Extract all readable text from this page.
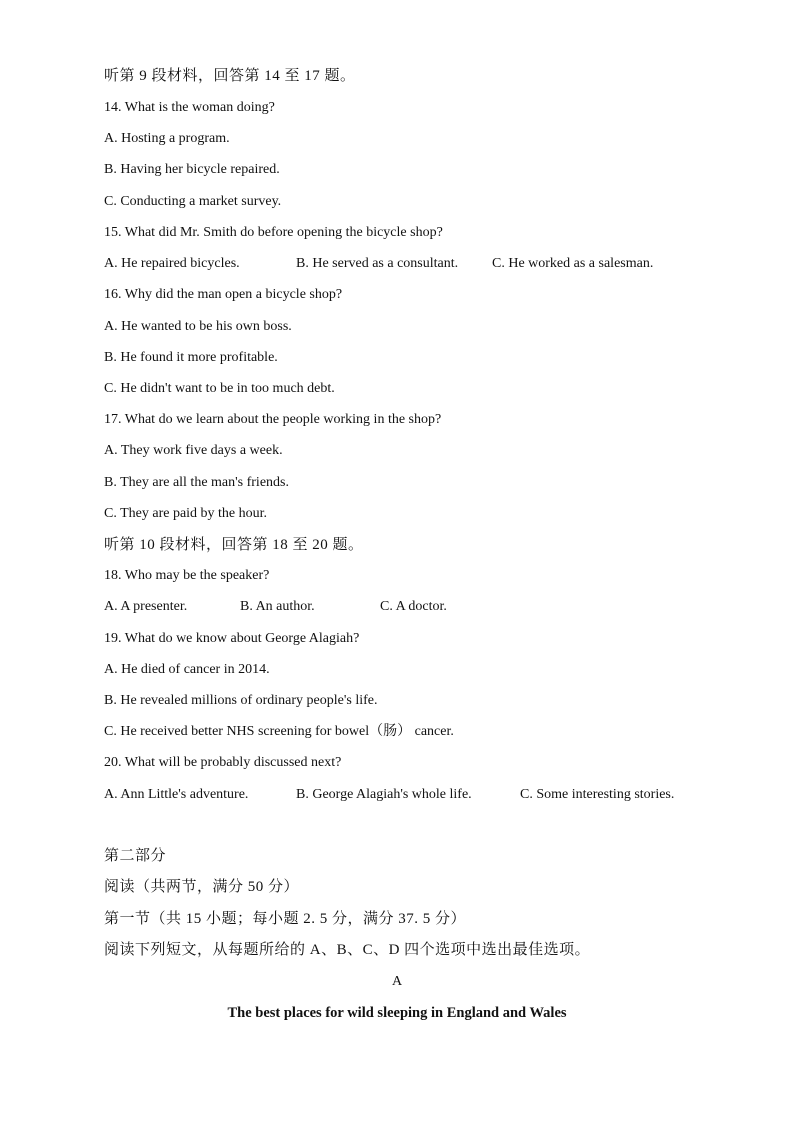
听第 9 段材料，回答第 14 至 17 题。
14. What is the woman doing?
A. Hosting a program.
B. Having her bicycle repaired.
C. Conducting a market survey.
15. What did Mr. Smith do before opening the bicycle shop?
A. He repaired bicycles.	B. He served as a consultant. C. He worked as a salesman.
16. Why did the man open a bicycle shop?
A. He wanted to be his own boss.
B. He found it more profitable.
C. He didn't want to be in too much debt.
17. What do we learn about the people working in the shop?
A. They work five days a week.
B. They are all the man's friends.
C. They are paid by the hour.
听第 10 段材料，回答第 18 至 20 题。
18. Who may be the speaker?
A. A presenter.	B. An author.	C. A doctor.
19. What do we know about George Alagiah?
A. He died of cancer in 2014.
B. He revealed millions of ordinary people's life.
C. He received better NHS screening for bowel（肠） cancer.
20. What will be probably discussed next?
A. Ann Little's adventure.	B. George Alagiah's whole life.	C. Some interesting stories.
第二部分
阅读（共两节，满分 50 分）
第一节（共 15 小题；每小题 2. 5 分，满分 37. 5 分）
阅读下列短文，从每题所给的 A、B、C、D 四个选项中选出最佳选项。
A
The best places for wild sleeping in England and Wales
